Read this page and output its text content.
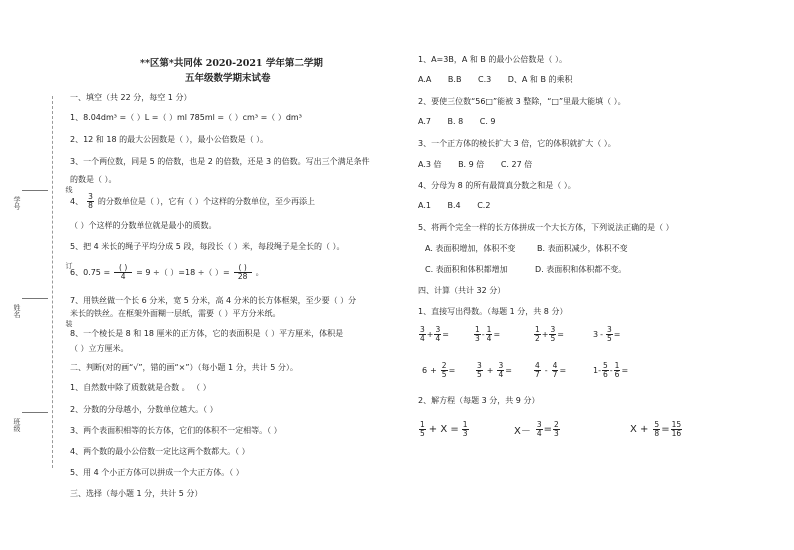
学号
姓名
班级
线
订
装
**区第*共同体 2020-2021 学年第二学期
五年级数学期末试卷
一、填空（共 22 分，每空 1 分）
1、8.04dm³ =（ ）L =（ ）ml 785ml =（ ）cm³ =（ ）dm³
2、12 和 18 的最大公因数是（ ），最小公倍数是（ ）。
3、一个两位数，同是 5 的倍数，也是 2 的倍数，还是 3 的倍数。写出三个满足条件
的数是（ ）。
4、 $\frac{3}{8}$ 的分数单位是（ ），它有（ ）个这样的分数单位，至少再添上
（ ）个这样的分数单位就是最小的质数。
5、把 4 米长的绳子平均分成 5 段，每段长（ ）米，每段绳子是全长的（ ）。
6、$0.75 = \frac{( )}{4} = 9$ ÷（ ）=18 ÷（ ）= $\frac{( )}{28}$ 。
7、用铁丝做一个长 6 分米，宽 5 分米，高 4 分米的长方体框架，至少要（ ）分
米长的铁丝。在框架外面糊一层纸，需要（ ）平方分米纸。
8、一个棱长是 8 和 18 厘米的正方体，它的表面积是（ ）平方厘米，体积是
（ ）立方厘米。
二、判断(对的画“√”，错的画“×”）（每小题 1 分，共计 5 分）。
1、自然数中除了质数就是合数 。 （ ）
2、分数的分母越小，分数单位越大。（ ）
3、两个表面积相等的长方体，它们的体积不一定相等。（ ）
4、两个数的最小公倍数一定比这两个数都大。（ ）
5、用 4 个小正方体可以拼成一个大正方体。（ ）
三、选择（每小题 1 分，共计 5 分）
1、A=3B，A 和 B 的最小公倍数是（ ）。
A.A B.B C.3 D、A 和 B 的乘积
2、要使三位数“56□”能被 3 整除，“□”里最大能填（ ）。
A.7 B. 8 C. 9
3、一个正方体的棱长扩大 3 倍，它的体积就扩大（ ）。
A.3 倍 B. 9 倍 C. 27 倍
4、分母为 8 的所有最简真分数之和是（ ）。
A.1 B.4 C.2
5、将两个完全一样的长方体拼成一个大长方体，下列说法正确的是（ ）
A. 表面积增加，体积不变	B. 表面积减少，体积不变
C. 表面积和体积都增加	D. 表面积和体积都不变。
四、计算（共计 32 分）
1、直接写出得数。（每题 1 分，共 8 分）
$\frac{3}{4} + \frac{3}{4}$ =	$\frac{1}{3} - \frac{1}{4}$ =	$\frac{1}{2} + \frac{3}{5}$ =	$3 - \frac{3}{5}$ =
$6 + \frac{2}{5}$ =	$\frac{3}{5} + \frac{3}{4}$ =	$\frac{4}{7} - \frac{4}{7}$ =	$1 - \frac{5}{6} - \frac{1}{6}$ =
2、解方程（每题 3 分，共 9 分）
$\frac{1}{5} + X = \frac{1}{3}$	$X- \frac{3}{4} = \frac{2}{3}$	$X + \frac{5}{8} = \frac{15}{16}$
